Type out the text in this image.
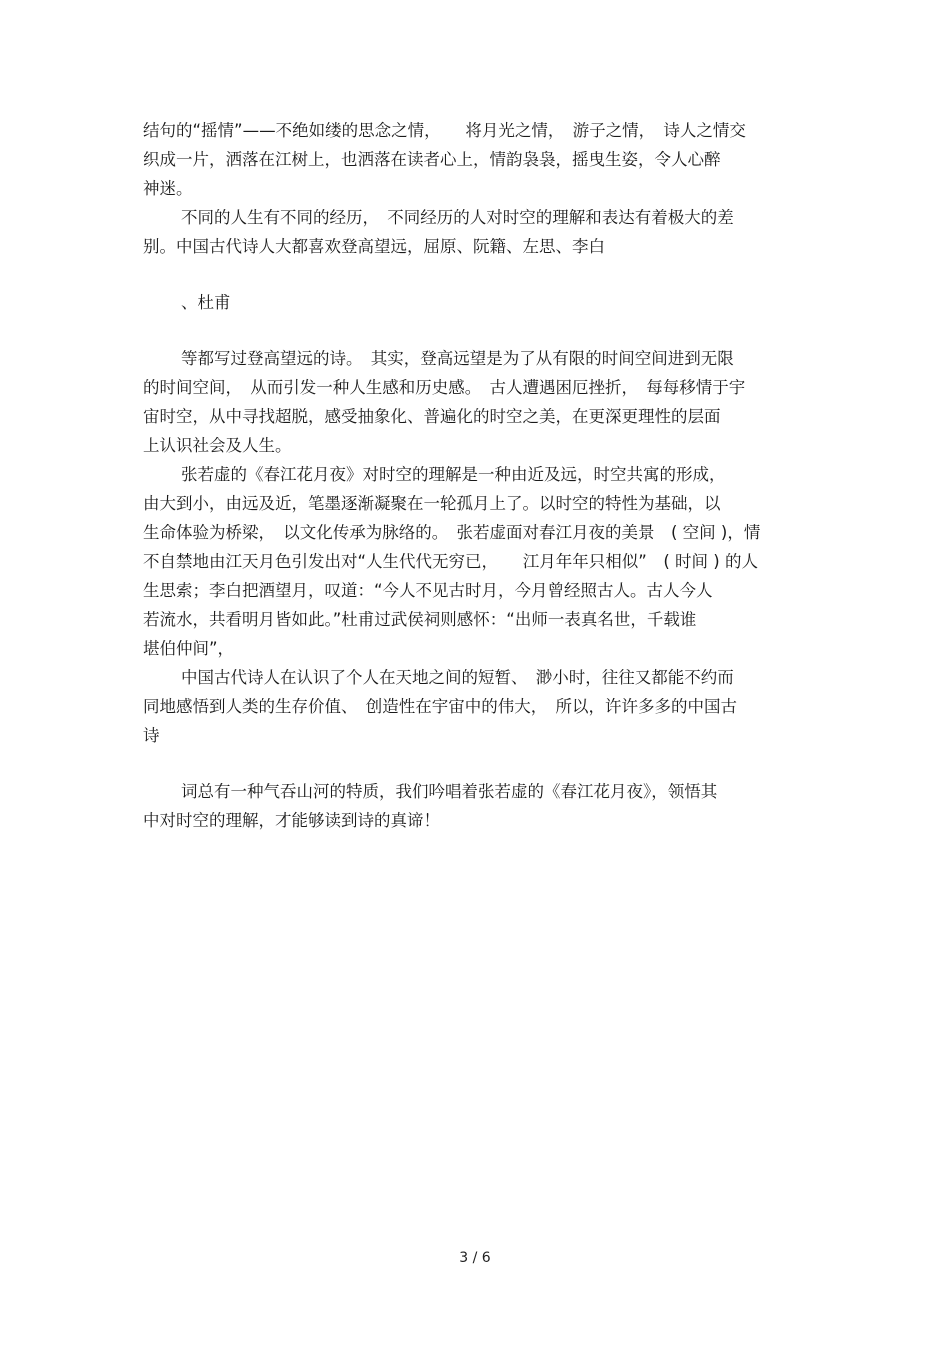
结句的“摇情”——不绝如缕的思念之情，　　将月光之情，　游子之情，　诗人之情交
织成一片，洒落在江树上，也洒落在读者心上，情韵袅袅，摇曳生姿，令人心醉
神迷。
不同的人生有不同的经历，　不同经历的人对时空的理解和表达有着极大的差
别。中国古代诗人大都喜欢登高望远，屈原、阮籍、左思、李白
、杜甫
等都写过登高望远的诗。　其实，登高远望是为了从有限的时间空间进到无限
的时间空间，　从而引发一种人生感和历史感。　古人遭遇困厄挫折，　每每移情于宇
宙时空，从中寻找超脱，感受抽象化、普遍化的时空之美，在更深更理性的层面
上认识社会及人生。
张若虚的《春江花月夜》对时空的理解是一种由近及远，时空共寓的形成，
由大到小，由远及近，笔墨逐渐凝聚在一轮孤月上了。以时空的特性为基础，以
生命体验为桥梁，　以文化传承为脉络的。　张若虚面对春江月夜的美景　( 空间 )，情
不自禁地由江天月色引发出对“人生代代无穷已，　　江月年年只相似”　( 时间 ) 的人
生思索；李白把酒望月，叹道：“今人不见古时月，今月曾经照古人。古人今人
若流水，共看明月皆如此。”杜甫过武侯祠则感怀：“出师一表真名世，千载谁
堪伯仲间”，
中国古代诗人在认识了个人在天地之间的短暂、　渺小时，往往又都能不约而
同地感悟到人类的生存价值、　创造性在宇宙中的伟大，　所以，许许多多的中国古
诗
词总有一种气吞山河的特质，我们吟唱着张若虚的《春江花月夜》，领悟其
中对时空的理解，才能够读到诗的真谛！
3 / 6
